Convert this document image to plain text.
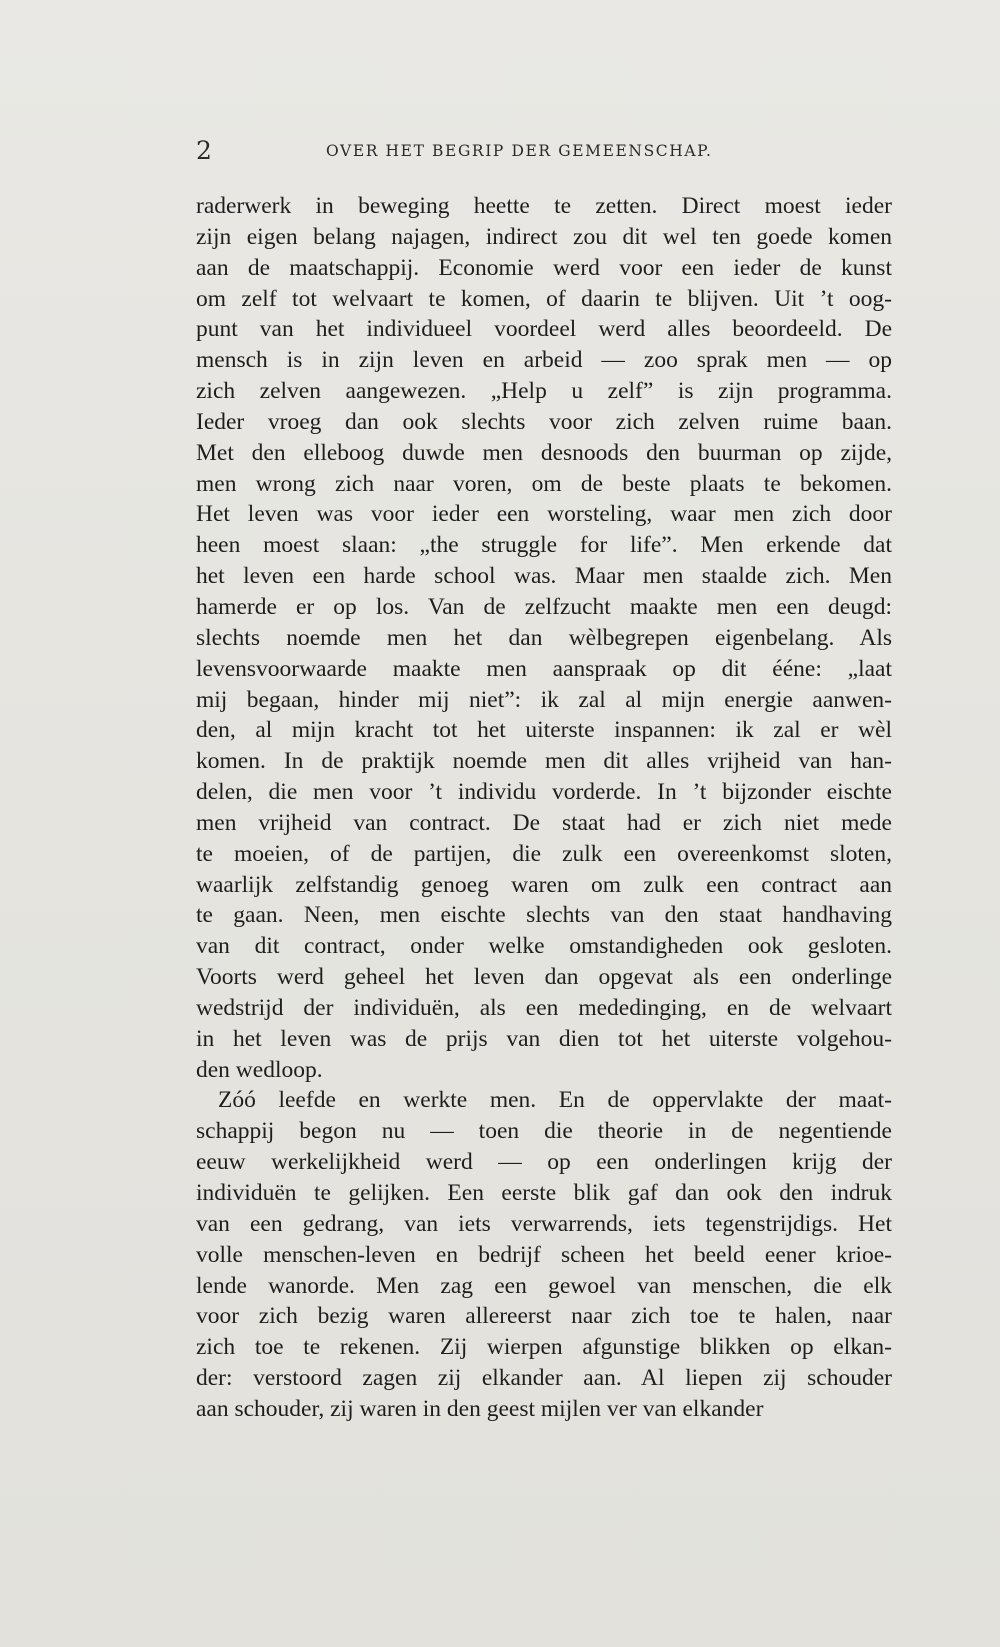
2	OVER HET BEGRIP DER GEMEENSCHAP.
raderwerk in beweging heette te zetten. Direct moest ieder
zijn eigen belang najagen, indirect zou dit wel ten goede komen
aan de maatschappij. Economie werd voor een ieder de kunst
om zelf tot welvaart te komen, of daarin te blijven. Uit ’t oog-
punt van het individueel voordeel werd alles beoordeeld. De
mensch is in zijn leven en arbeid — zoo sprak men — op
zich zelven aangewezen. „Help u zelf” is zijn programma.
Ieder vroeg dan ook slechts voor zich zelven ruime baan.
Met den elleboog duwde men desnoods den buurman op zijde,
men wrong zich naar voren, om de beste plaats te bekomen.
Het leven was voor ieder een worsteling, waar men zich door
heen moest slaan: „the struggle for life”. Men erkende dat
het leven een harde school was. Maar men staalde zich. Men
hamerde er op los. Van de zelfzucht maakte men een deugd:
slechts noemde men het dan wèlbegrepen eigenbelang. Als
levensvoorwaarde maakte men aanspraak op dit ééne: „laat
mij begaan, hinder mij niet”: ik zal al mijn energie aanwen-
den, al mijn kracht tot het uiterste inspannen: ik zal er wèl
komen. In de praktijk noemde men dit alles vrijheid van han-
delen, die men voor ’t individu vorderde. In ’t bijzonder eischte
men vrijheid van contract. De staat had er zich niet mede
te moeien, of de partijen, die zulk een overeenkomst sloten,
waarlijk zelfstandig genoeg waren om zulk een contract aan
te gaan. Neen, men eischte slechts van den staat handhaving
van dit contract, onder welke omstandigheden ook gesloten.
Voorts werd geheel het leven dan opgevat als een onderlinge
wedstrijd der individuën, als een mededinging, en de welvaart
in het leven was de prijs van dien tot het uiterste volgehou-
den wedloop.
Zóó leefde en werkte men. En de oppervlakte der maat-
schappij begon nu — toen die theorie in de negentiende
eeuw werkelijkheid werd — op een onderlingen krijg der
individuën te gelijken. Een eerste blik gaf dan ook den indruk
van een gedrang, van iets verwarrends, iets tegenstrijdigs. Het
volle menschen-leven en bedrijf scheen het beeld eener krioe-
lende wanorde. Men zag een gewoel van menschen, die elk
voor zich bezig waren allereerst naar zich toe te halen, naar
zich toe te rekenen. Zij wierpen afgunstige blikken op elkan-
der: verstoord zagen zij elkander aan. Al liepen zij schouder
aan schouder, zij waren in den geest mijlen ver van elkander
